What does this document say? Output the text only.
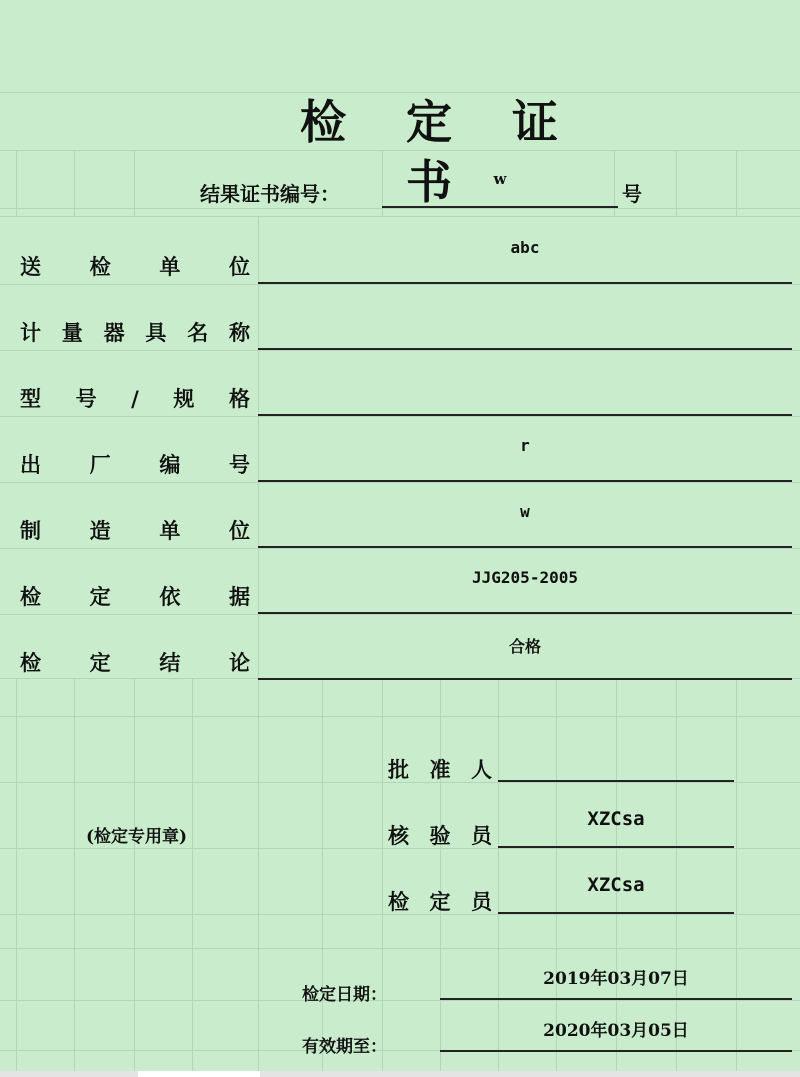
检 定 证 书
结果证书编号：
w
号
送 检 单 位
abc
计 量 器 具 名 称
型 号 / 规 格
出 厂 编 号
r
制 造 单 位
w
检 定 依 据
JJG205-2005
检 定 结 论
合格
(检定专用章)
批 准 人
核 验 员
XZCsa
检 定 员
XZCsa
检定日期：
2019年03月07日
有效期至：
2020年03月05日
